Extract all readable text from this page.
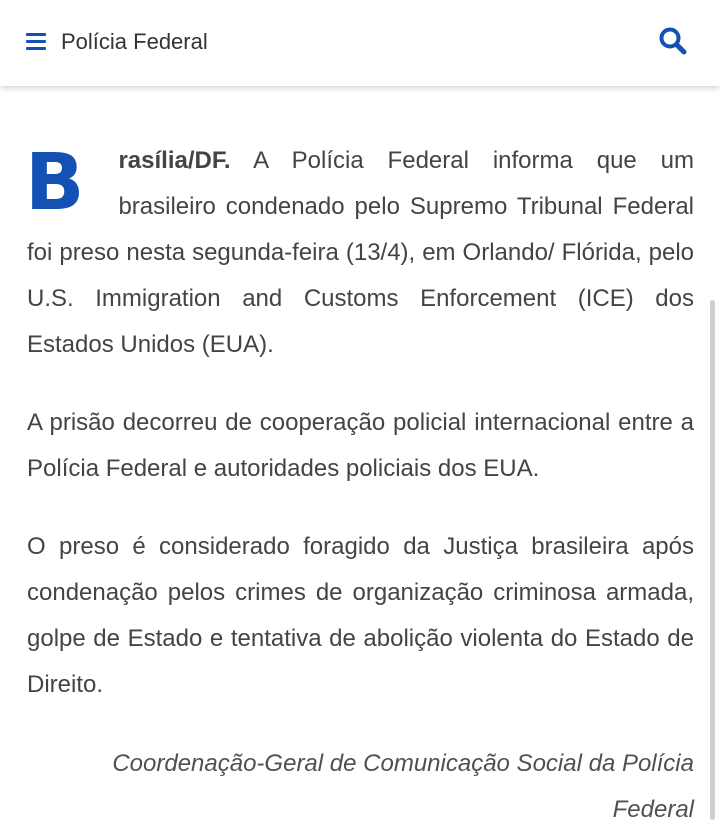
Polícia Federal

B rasília/DF. A Polícia Federal informa que um brasileiro condenado pelo Supremo Tribunal Federal foi preso nesta segunda-feira (13/4), em Orlando/ Flórida, pelo U.S. Immigration and Customs Enforcement (ICE) dos Estados Unidos (EUA).

A prisão decorreu de cooperação policial internacional entre a Polícia Federal e autoridades policiais dos EUA.

O preso é considerado foragido da Justiça brasileira após condenação pelos crimes de organização criminosa armada, golpe de Estado e tentativa de abolição violenta do Estado de Direito.

Coordenação-Geral de Comunicação Social da Polícia Federal
